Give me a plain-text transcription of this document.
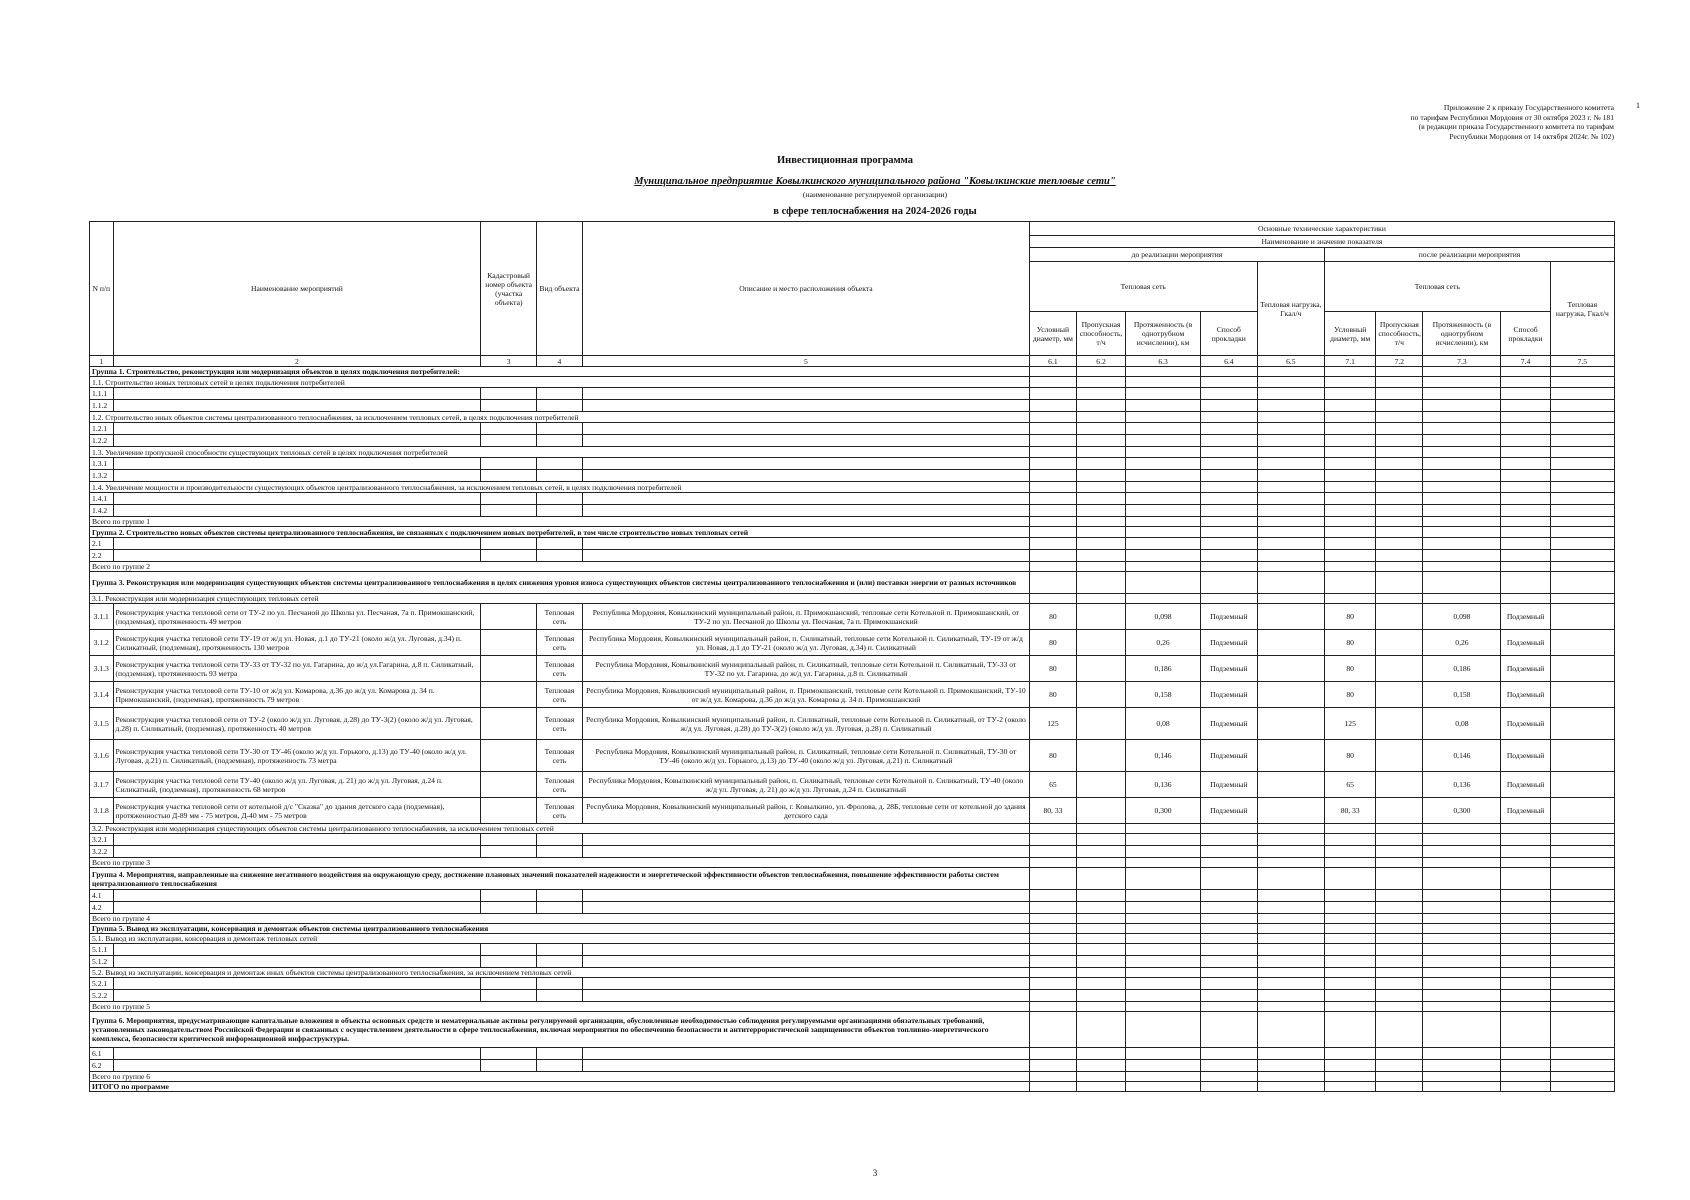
Приложение 2 к приказу Государственного комитета
по тарифам Республики Мордовия от 30 октября 2023 г. № 181
(в редакции приказа Государственного комитета по тарифам
Республики Мордовия от 14 октября 2024г. № 102)
1
Инвестиционная программа
Муниципальное предприятие Ковылкинского муниципального района "Ковылкинские тепловые сети"
(наименование регулируемой организации)
в сфере теплоснабжения на 2024-2026 годы
N п/п	Наименование мероприятий	Кадастровый номер объекта (участка объекта)	Вид объекта	Описание и место расположения объекта	Основные технические характеристики									
					Наименование и значение показателя									
					до реализации мероприятия					после реализации мероприятия				
					Тепловая сеть				Тепловая нагрузка, Гкал/ч	Тепловая сеть				Тепловая нагрузка, Гкал/ч
					Условный диаметр, мм	Пропускная способность, т/ч	Протяженность (в однотрубном исчислении), км	Способ прокладки		Условный диаметр, мм	Пропускная способность, т/ч	Протяженность (в однотрубном исчислении), км	Способ прокладки	
1	2	3	4	5	6.1	6.2	6.3	6.4	6.5	7.1	7.2	7.3	7.4	7.5
Группа 1. Строительство, реконструкция или модернизация объектов в целях подключения потребителей:														
1.1. Строительство новых тепловых сетей в целях подключения потребителей														
1.1.1														
1.1.2														
1.2. Строительство иных объектов системы централизованного теплоснабжения, за исключением тепловых сетей, в целях подключения потребителей														
1.2.1														
1.2.2														
1.3. Увеличение пропускной способности существующих тепловых сетей в целях подключения потребителей														
1.3.1														
1.3.2														
1.4. Увеличение мощности и производительности существующих объектов централизованного теплоснабжения, за исключением тепловых сетей, в целях подключения потребителей														
1.4.1														
1.4.2														
Всего по группе 1														
Группа 2. Строительство новых объектов системы централизованного теплоснабжения, не связанных с подключением новых потребителей, в том числе строительство новых тепловых сетей														
2.1														
2.2														
Всего по группе 2														
Группа 3. Реконструкция или модернизация существующих объектов системы централизованного теплоснабжения в целях снижения уровня износа существующих объектов системы централизованного теплоснабжения и (или) поставки энергии от разных источников														
3.1. Реконструкция или модернизация существующих тепловых сетей														
3.1.1	Реконструкция участка тепловой сети от ТУ-2 по ул. Песчаной до Школы ул. Песчаная, 7а п. Примокшанский, (подземная), протяженность 49 метров		Тепловая сеть	Республика Мордовия, Ковылкинский муниципальный район, п. Примокшанский, тепловые сети Котельной п. Примокшанский, от ТУ-2 по ул. Песчаной до Школы ул. Песчаная, 7а п. Примокшанский	80		0,098	Подземный		80		0,098	Подземный	
3.1.2	Реконструкция участка тепловой сети ТУ-19 от ж/д ул. Новая, д.1 до ТУ-21 (около ж/д ул. Луговая, д.34) п. Силикатный, (подземная), протяженность 130 метров		Тепловая сеть	Республика Мордовия, Ковылкинский муниципальный район, п. Силикатный, тепловые сети Котельной п. Силикатный, ТУ-19 от ж/д ул. Новая, д.1 до ТУ-21 (около ж/д ул. Луговая, д.34) п. Силикатный	80		0,26	Подземный		80		0,26	Подземный	
3.1.3	Реконструкция участка тепловой сети ТУ-33 от ТУ-32 по ул. Гагарина, до ж/д ул.Гагарина, д.8 п. Силикатный, (подземная), протяженность 93 метра		Тепловая сеть	Республика Мордовия, Ковылкинский муниципальный район, п. Силикатный, тепловые сети Котельной п. Силикатный, ТУ-33 от ТУ-32 по ул. Гагарина, до ж/д ул. Гагарина, д.8 п. Силикатный	80		0,186	Подземный		80		0,186	Подземный	
3.1.4	Реконструкция участка тепловой сети ТУ-10 от ж/д ул. Комарова, д.36 до ж/д ул. Комарова д. 34 п. Примокшанский, (подземная), протяженность 79 метров		Тепловая сеть	Республика Мордовия, Ковылкинский муниципальный район, п. Примокшанский, тепловые сети Котельной п. Примокшанский, ТУ-10 от ж/д ул. Комарова, д.36 до ж/д ул. Комарова д. 34 п. Примокшанский	80		0,158	Подземный		80		0,158	Подземный	
3.1.5	Реконструкция участка тепловой сети от ТУ-2 (около ж/д ул. Луговая, д.28) до ТУ-3(2) (около ж/д ул. Луговая, д.28) п. Силикатный, (подземная), протяженность 40 метров		Тепловая сеть	Республика Мордовия, Ковылкинский муниципальный район, п. Силикатный, тепловые сети Котельной п. Силикатный, от ТУ-2 (около ж/д ул. Луговая, д.28) до ТУ-3(2) (около ж/д ул. Луговая, д.28) п. Силикатный	125		0,08	Подземный		125		0,08	Подземный	
3.1.6	Реконструкция участка тепловой сети ТУ-30 от ТУ-46 (около ж/д ул. Горького, д.13) до ТУ-40 (около ж/д ул. Луговая, д.21) п. Силикатный, (подземная), протяженность 73 метра		Тепловая сеть	Республика Мордовия, Ковылкинский муниципальный район, п. Силикатный, тепловые сети Котельной п. Силикатный, ТУ-30 от ТУ-46 (около ж/д ул. Горького, д.13) до ТУ-40 (около ж/д ул. Луговая, д.21) п. Силикатный	80		0,146	Подземный		80		0,146	Подземный	
3.1.7	Реконструкция участка тепловой сети ТУ-40 (около ж/д ул. Луговая, д. 21) до ж/д ул. Луговая, д.24 п. Силикатный, (подземная), протяженность 68 метров		Тепловая сеть	Республика Мордовия, Ковылкинский муниципальный район, п. Силикатный, тепловые сети Котельной п. Силикатный, ТУ-40 (около ж/д ул. Луговая, д. 21) до ж/д ул. Луговая, д.24 п. Силикатный	65		0,136	Подземный		65		0,136	Подземный	
3.1.8	Реконструкция участка тепловой сети от котельной д/с "Сказка" до здания детского сада (подземная), протяженностью Д-89 мм - 75 метров, Д-40 мм - 75 метров		Тепловая сеть	Республика Мордовия, Ковылкинский муниципальный район, г. Ковылкино, ул. Фролова, д. 28Б, тепловые сети от котельной до здания детского сада	80, 33		0,300	Подземный		80, 33		0,300	Подземный	
3.2. Реконструкция или модернизация существующих объектов системы централизованного теплоснабжения, за исключением тепловых сетей														
3.2.1														
3.2.2														
Всего по группе 3														
Группа 4. Мероприятия, направленные на снижение негативного воздействия на окружающую среду, достижение плановых значений показателей надежности и энергетической эффективности объектов теплоснабжения, повышение эффективности работы систем централизованного теплоснабжения														
4.1														
4.2														
Всего по группе 4														
Группа 5. Вывод из эксплуатации, консервация и демонтаж объектов системы централизованного теплоснабжения														
5.1. Вывод из эксплуатации, консервация и демонтаж тепловых сетей														
5.1.1														
5.1.2														
5.2. Вывод из эксплуатации, консервация и демонтаж иных объектов системы централизованного теплоснабжения, за исключением тепловых сетей														
5.2.1														
5.2.2														
Всего по группе 5														
Группа 6. Мероприятия, предусматривающие капитальные вложения в объекты основных средств и нематериальные активы регулируемой организации, обусловленные необходимостью соблюдения регулируемыми организациями обязательных требований, установленных законодательством Российской Федерации и связанных с осуществлением деятельности в сфере теплоснабжения, включая мероприятия по обеспечению безопасности и антитеррористической защищенности объектов топливно-энергетического комплекса, безопасности критической информационной инфраструктуры.														
6.1														
6.2														
Всего по группе 6														
ИТОГО по программе														
3
